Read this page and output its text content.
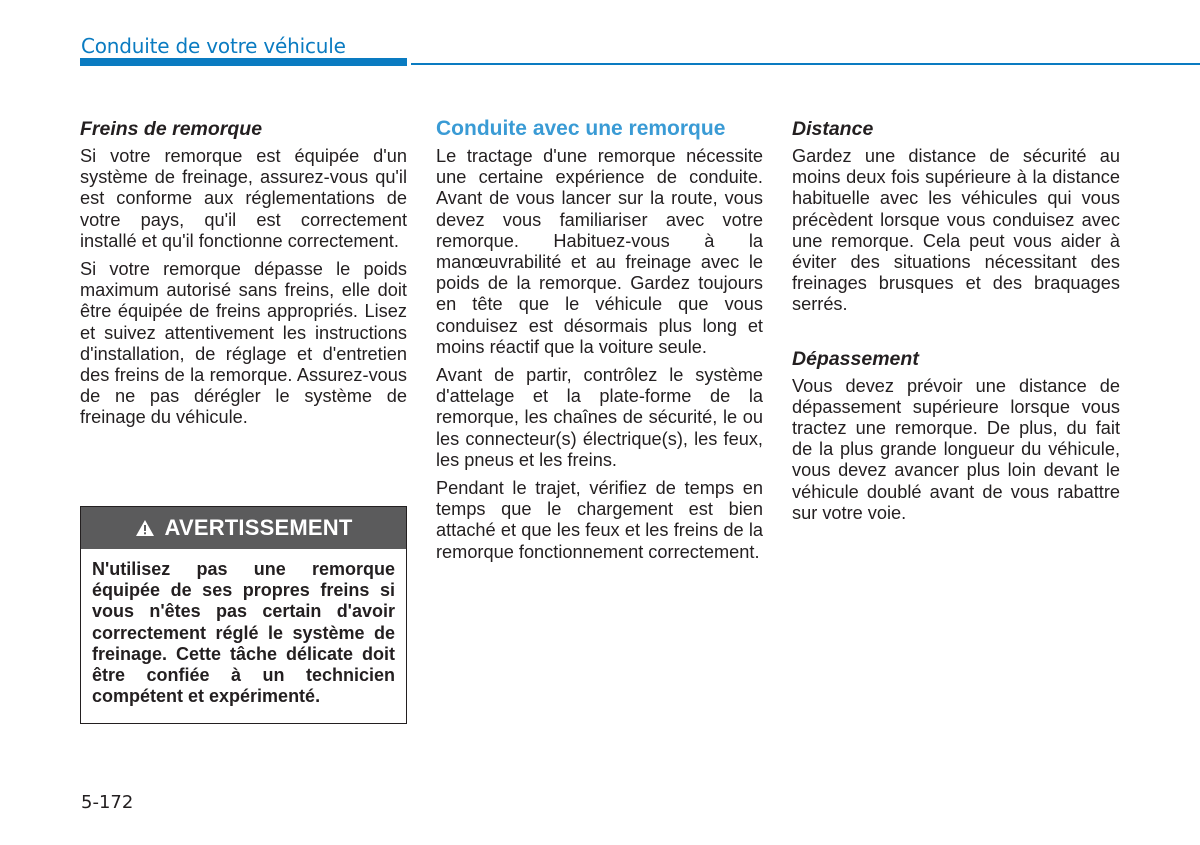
Conduite de votre véhicule
Freins de remorque

Si votre remorque est équipée d'un système de freinage, assurez-vous qu'il est conforme aux réglementations de votre pays, qu'il est correctement installé et qu'il fonctionne correctement.

Si votre remorque dépasse le poids maximum autorisé sans freins, elle doit être équipée de freins appropriés. Lisez et suivez attentivement les instructions d'installation, de réglage et d'entretien des freins de la remorque. Assurez-vous de ne pas dérégler le système de freinage du véhicule.

AVERTISSEMENT
N'utilisez pas une remorque équipée de ses propres freins si vous n'êtes pas certain d'avoir correctement réglé le système de freinage. Cette tâche délicate doit être confiée à un technicien compétent et expérimenté.
Conduite avec une remorque

Le tractage d'une remorque nécessite une certaine expérience de conduite. Avant de vous lancer sur la route, vous devez vous familiariser avec votre remorque. Habituez-vous à la manœuvrabilité et au freinage avec le poids de la remorque. Gardez toujours en tête que le véhicule que vous conduisez est désormais plus long et moins réactif que la voiture seule.

Avant de partir, contrôlez le système d'attelage et la plate-forme de la remorque, les chaînes de sécurité, le ou les connecteur(s) électrique(s), les feux, les pneus et les freins.

Pendant le trajet, vérifiez de temps en temps que le chargement est bien attaché et que les feux et les freins de la remorque fonctionnement correctement.

Distance

Gardez une distance de sécurité au moins deux fois supérieure à la distance habituelle avec les véhicules qui vous précèdent lorsque vous conduisez avec une remorque. Cela peut vous aider à éviter des situations nécessitant des freinages brusques et des braquages serrés.

Dépassement

Vous devez prévoir une distance de dépassement supérieure lorsque vous tractez une remorque. De plus, du fait de la plus grande longueur du véhicule, vous devez avancer plus loin devant le véhicule doublé avant de vous rabattre sur votre voie.

5-172
